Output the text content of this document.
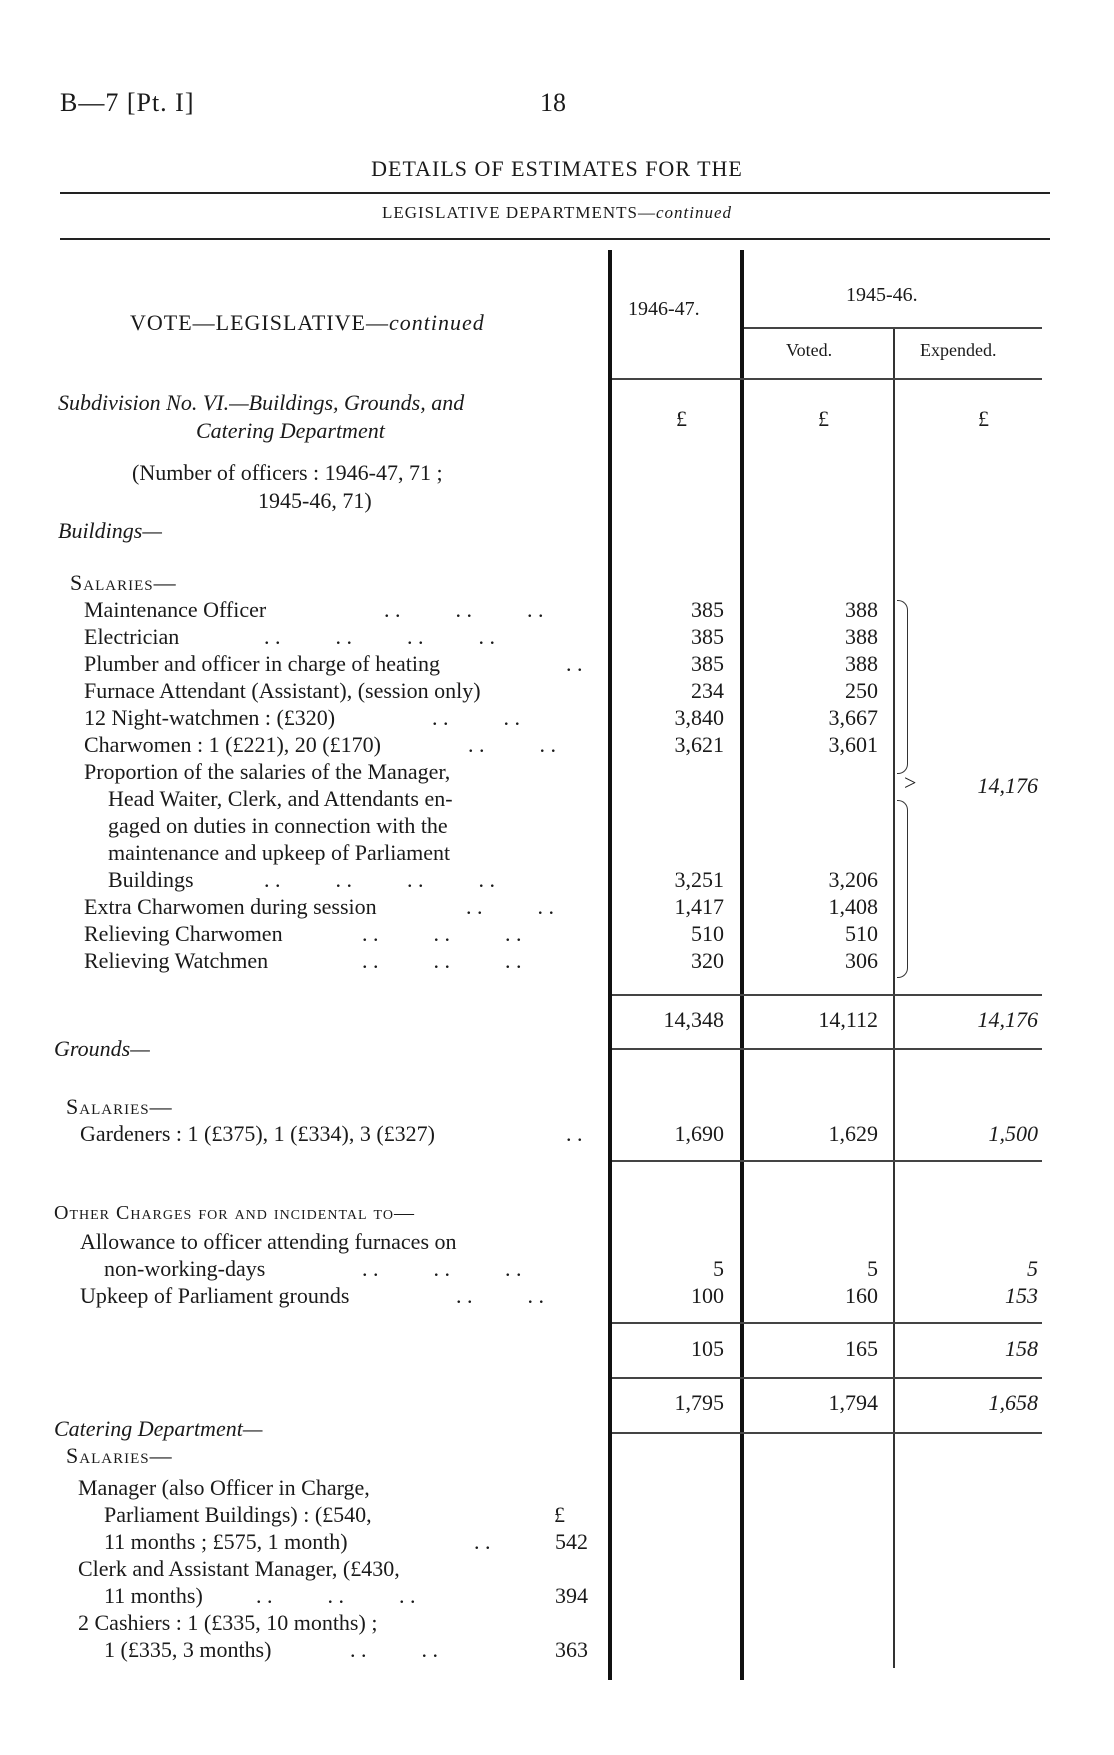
B—7 [Pt. I]	18
DETAILS OF ESTIMATES FOR THE
LEGISLATIVE DEPARTMENTS—continued
VOTE—LEGISLATIVE—continued
1946-47.
1945-46.
Voted.	Expended.
Subdivision No. VI.—Buildings, Grounds, and
Catering Department	£	£	£
(Number of officers : 1946-47, 71 ;
1945-46, 71)
Buildings—
Salaries—
Maintenance Officer	. .          . .          . .	385	388
Electrician	. .          . .          . .          . .	385	388
Plumber and officer in charge of heating	. .	385	388
Furnace Attendant (Assistant), (session only)	234	250
12 Night-watchmen : (£320)	. .          . .	3,840	3,667
Charwomen : 1 (£221), 20 (£170)	. .          . .	3,621	3,601
Proportion of the salaries of the Manager,
Head Waiter, Clerk, and Attendants en-
gaged on duties in connection with the
maintenance and upkeep of Parliament
Buildings	. .          . .          . .          . .	3,251	3,206
Extra Charwomen during session	. .          . .	1,417	1,408
Relieving Charwomen	. .          . .          . .	510	510
Relieving Watchmen	. .          . .          . .	320	306
>	14,176
14,348	14,112	14,176
Grounds—
Salaries—
Gardeners : 1 (£375), 1 (£334), 3 (£327)	. .	1,690	1,629	1,500
Other Charges for and incidental to—
Allowance to officer attending furnaces on
non-working-days	. .          . .          . .	5	5	5
Upkeep of Parliament grounds	. .          . .	100	160	153
105	165	158
1,795	1,794	1,658
Catering Department—
Salaries—
Manager (also Officer in Charge,
Parliament Buildings) : (£540,	£
11 months ; £575, 1 month)	. .	542
Clerk and Assistant Manager, (£430,
11 months) . .          . .          . .	394
2 Cashiers : 1 (£335, 10 months) ;
1 (£335, 3 months)	. .          . .	363
